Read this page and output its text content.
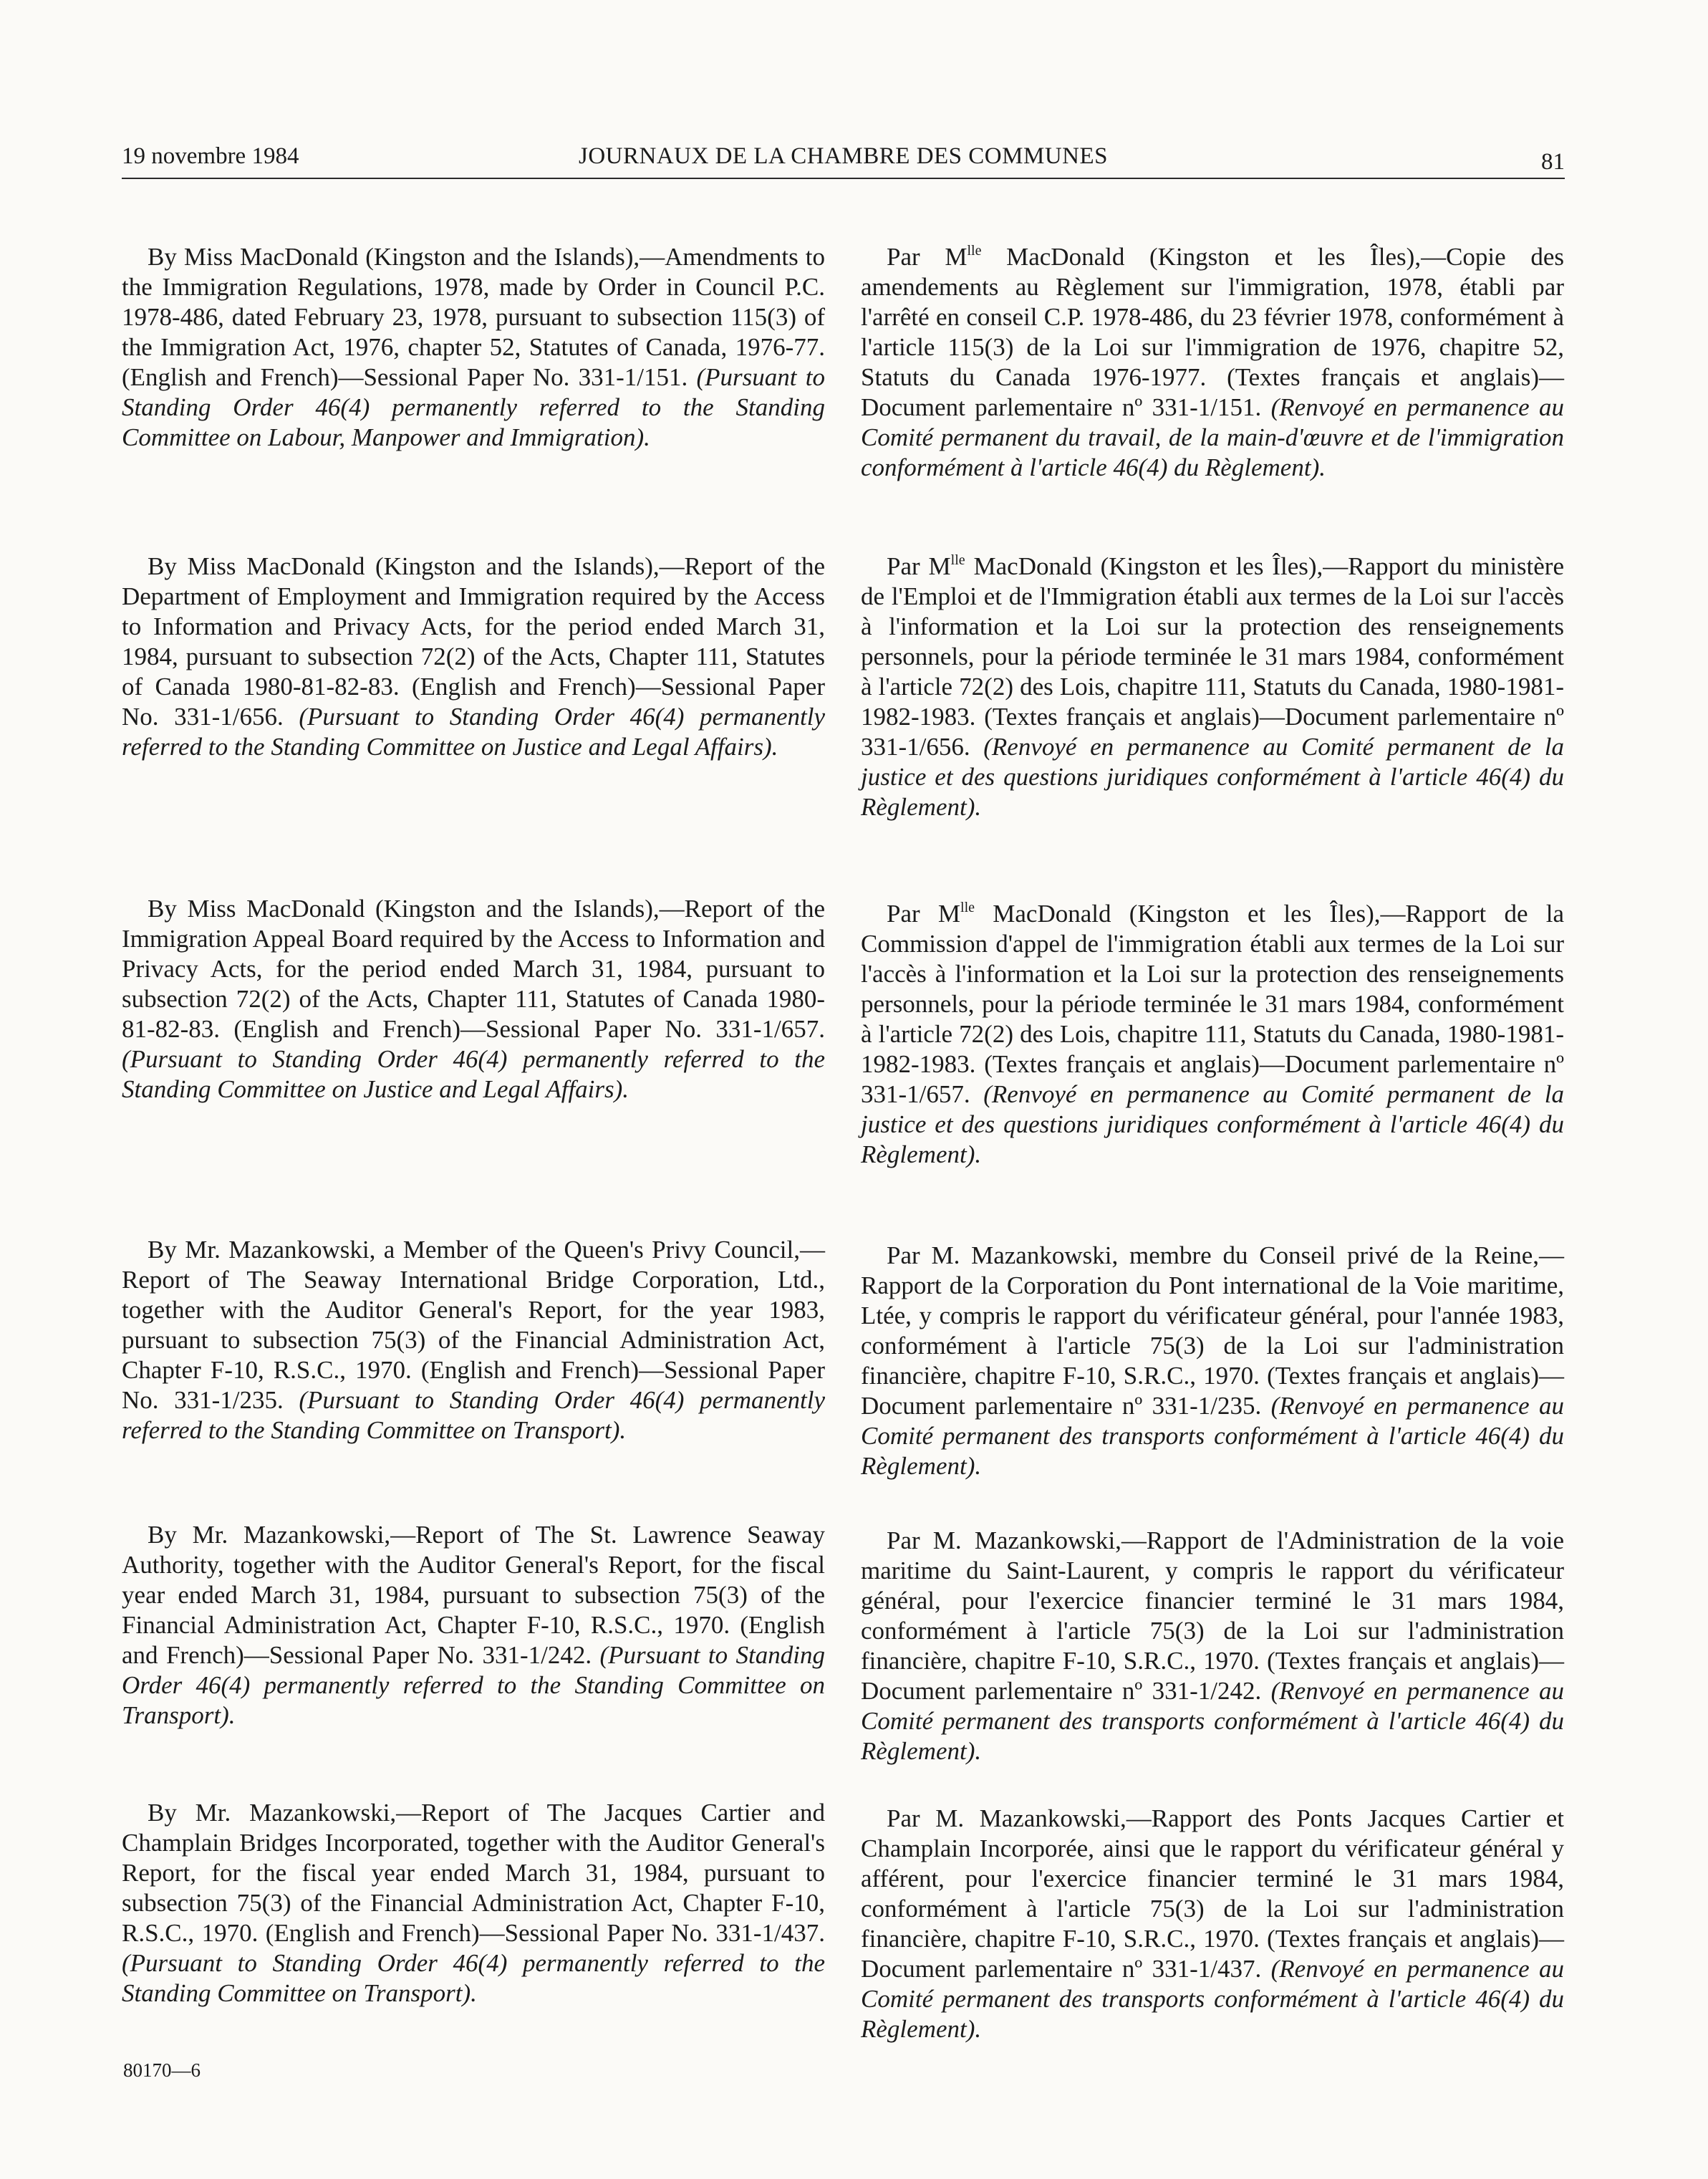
19 novembre 1984	JOURNAUX DE LA CHAMBRE DES COMMUNES	81

By Miss MacDonald (Kingston and the Islands),—Amendments to the Immigration Regulations, 1978, made by Order in Council P.C. 1978-486, dated February 23, 1978, pursuant to subsection 115(3) of the Immigration Act, 1976, chapter 52, Statutes of Canada, 1976-77. (English and French)—Sessional Paper No. 331-1/151. (Pursuant to Standing Order 46(4) permanently referred to the Standing Committee on Labour, Manpower and Immigration).

By Miss MacDonald (Kingston and the Islands),—Report of the Department of Employment and Immigration required by the Access to Information and Privacy Acts, for the period ended March 31, 1984, pursuant to subsection 72(2) of the Acts, Chapter 111, Statutes of Canada 1980-81-82-83. (English and French)—Sessional Paper No. 331-1/656. (Pursuant to Standing Order 46(4) permanently referred to the Standing Committee on Justice and Legal Affairs).

By Miss MacDonald (Kingston and the Islands),—Report of the Immigration Appeal Board required by the Access to Information and Privacy Acts, for the period ended March 31, 1984, pursuant to subsection 72(2) of the Acts, Chapter 111, Statutes of Canada 1980-81-82-83. (English and French)—Sessional Paper No. 331-1/657. (Pursuant to Standing Order 46(4) permanently referred to the Standing Committee on Justice and Legal Affairs).

By Mr. Mazankowski, a Member of the Queen's Privy Council,—Report of The Seaway International Bridge Corporation, Ltd., together with the Auditor General's Report, for the year 1983, pursuant to subsection 75(3) of the Financial Administration Act, Chapter F-10, R.S.C., 1970. (English and French)—Sessional Paper No. 331-1/235. (Pursuant to Standing Order 46(4) permanently referred to the Standing Committee on Transport).

By Mr. Mazankowski,—Report of The St. Lawrence Seaway Authority, together with the Auditor General's Report, for the fiscal year ended March 31, 1984, pursuant to subsection 75(3) of the Financial Administration Act, Chapter F-10, R.S.C., 1970. (English and French)—Sessional Paper No. 331-1/242. (Pursuant to Standing Order 46(4) permanently referred to the Standing Committee on Transport).

By Mr. Mazankowski,—Report of The Jacques Cartier and Champlain Bridges Incorporated, together with the Auditor General's Report, for the fiscal year ended March 31, 1984, pursuant to subsection 75(3) of the Financial Administration Act, Chapter F-10, R.S.C., 1970. (English and French)—Sessional Paper No. 331-1/437. (Pursuant to Standing Order 46(4) permanently referred to the Standing Committee on Transport).

Par $M^{lle}$ MacDonald (Kingston et les Îles),—Copie des amendements au Règlement sur l'immigration, 1978, établi par l'arrêté en conseil C.P. 1978-486, du 23 février 1978, conformément à l'article 115(3) de la Loi sur l'immigration de 1976, chapitre 52, Statuts du Canada 1976-1977. (Textes français et anglais)—Document parlementaire nº 331-1/151. (Renvoyé en permanence au Comité permanent du travail, de la main-d'œuvre et de l'immigration conformément à l'article 46(4) du Règlement).

Par $M^{lle}$ MacDonald (Kingston et les Îles),—Rapport du ministère de l'Emploi et de l'Immigration établi aux termes de la Loi sur l'accès à l'information et la Loi sur la protection des renseignements personnels, pour la période terminée le 31 mars 1984, conformément à l'article 72(2) des Lois, chapitre 111, Statuts du Canada, 1980-1981-1982-1983. (Textes français et anglais)—Document parlementaire nº 331-1/656. (Renvoyé en permanence au Comité permanent de la justice et des questions juridiques conformément à l'article 46(4) du Règlement).

Par $M^{lle}$ MacDonald (Kingston et les Îles),—Rapport de la Commission d'appel de l'immigration établi aux termes de la Loi sur l'accès à l'information et la Loi sur la protection des renseignements personnels, pour la période terminée le 31 mars 1984, conformément à l'article 72(2) des Lois, chapitre 111, Statuts du Canada, 1980-1981-1982-1983. (Textes français et anglais)—Document parlementaire nº 331-1/657. (Renvoyé en permanence au Comité permanent de la justice et des questions juridiques conformément à l'article 46(4) du Règlement).

Par M. Mazankowski, membre du Conseil privé de la Reine,—Rapport de la Corporation du Pont international de la Voie maritime, Ltée, y compris le rapport du vérificateur général, pour l'année 1983, conformément à l'article 75(3) de la Loi sur l'administration financière, chapitre F-10, S.R.C., 1970. (Textes français et anglais)—Document parlementaire nº 331-1/235. (Renvoyé en permanence au Comité permanent des transports conformément à l'article 46(4) du Règlement).

Par M. Mazankowski,—Rapport de l'Administration de la voie maritime du Saint-Laurent, y compris le rapport du vérificateur général, pour l'exercice financier terminé le 31 mars 1984, conformément à l'article 75(3) de la Loi sur l'administration financière, chapitre F-10, S.R.C., 1970. (Textes français et anglais)—Document parlementaire nº 331-1/242. (Renvoyé en permanence au Comité permanent des transports conformément à l'article 46(4) du Règlement).

Par M. Mazankowski,—Rapport des Ponts Jacques Cartier et Champlain Incorporée, ainsi que le rapport du vérificateur général y afférent, pour l'exercice financier terminé le 31 mars 1984, conformément à l'article 75(3) de la Loi sur l'administration financière, chapitre F-10, S.R.C., 1970. (Textes français et anglais)—Document parlementaire nº 331-1/437. (Renvoyé en permanence au Comité permanent des transports conformément à l'article 46(4) du Règlement).

80170—6
